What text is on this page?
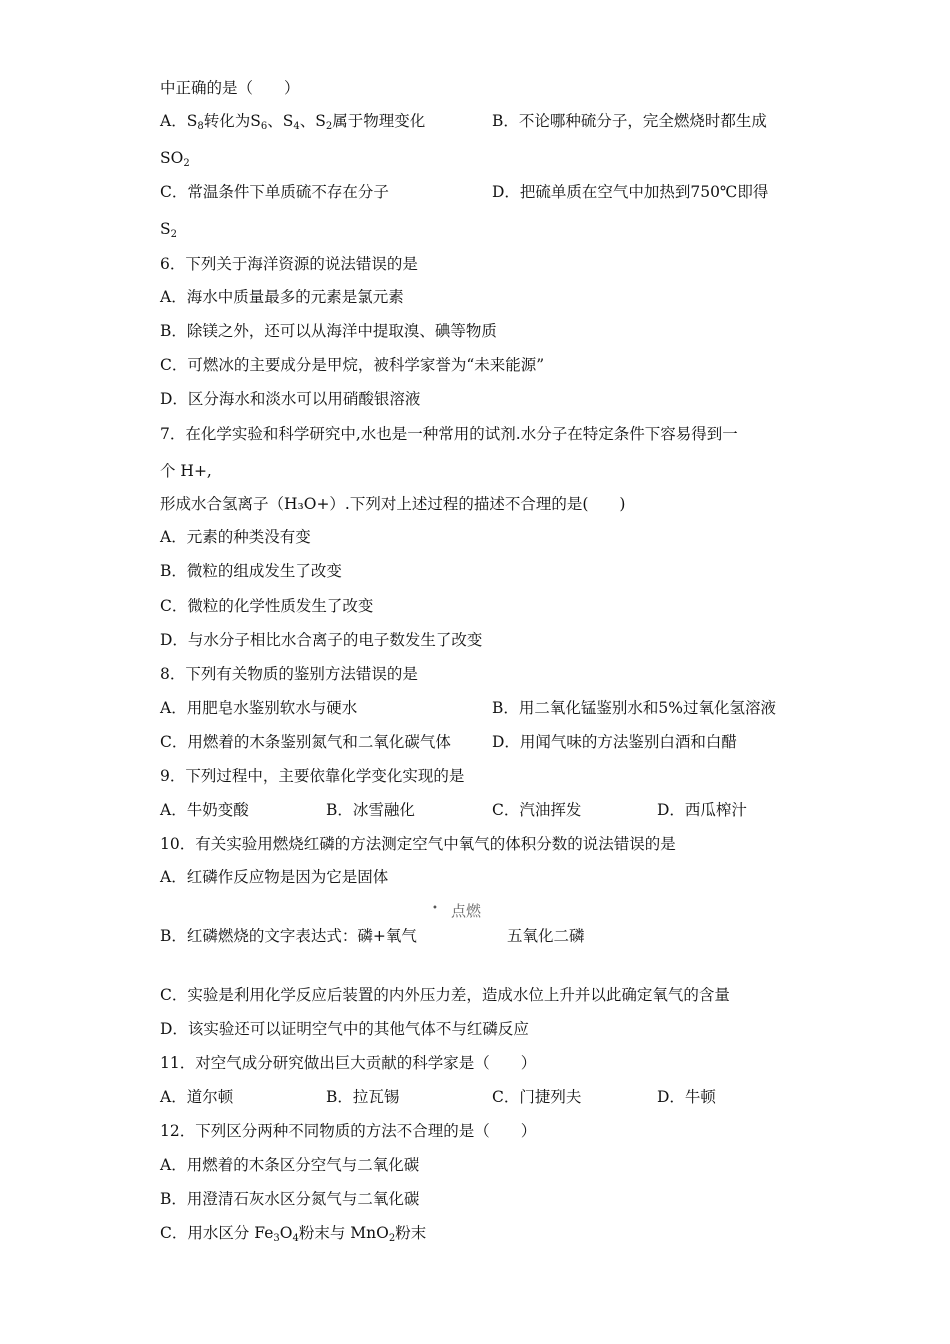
中正确的是（　　）
A．$S_8$转化为$S_6$、$S_4$、$S_2$属于物理变化	B．不论哪种硫分子，完全燃烧时都生成
$SO_2$
C．常温条件下单质硫不存在分子	D．把硫单质在空气中加热到750℃即得
$S_2$
6．下列关于海洋资源的说法错误的是
A．海水中质量最多的元素是氯元素
B．除镁之外，还可以从海洋中提取溴、碘等物质
C．可燃冰的主要成分是甲烷，被科学家誉为“未来能源”
D．区分海水和淡水可以用硝酸银溶液
7．在化学实验和科学研究中,水也是一种常用的试剂.水分子在特定条件下容易得到一
个 H+,
形成水合氢离子（H₃O+）.下列对上述过程的描述不合理的是(　　)
A．元素的种类没有变
B．微粒的组成发生了改变
C．微粒的化学性质发生了改变
D．与水分子相比水合离子的电子数发生了改变
8．下列有关物质的鉴别方法错误的是
A．用肥皂水鉴别软水与硬水	B．用二氧化锰鉴别水和5%过氧化氢溶液
C．用燃着的木条鉴别氮气和二氧化碳气体	D．用闻气味的方法鉴别白酒和白醋
9．下列过程中，主要依靠化学变化实现的是
A．牛奶变酸	B．冰雪融化	C．汽油挥发	D．西瓜榨汁
10．有关实验用燃烧红磷的方法测定空气中氧气的体积分数的说法错误的是
A．红磷作反应物是因为它是固体
• 点燃
B．红磷燃烧的文字表达式：磷+氧气	五氧化二磷
C．实验是利用化学反应后装置的内外压力差，造成水位上升并以此确定氧气的含量
D．该实验还可以证明空气中的其他气体不与红磷反应
11．对空气成分研究做出巨大贡献的科学家是（　　）
A．道尔顿	B．拉瓦锡	C．门捷列夫	D．牛顿
12．下列区分两种不同物质的方法不合理的是（　　）
A．用燃着的木条区分空气与二氧化碳
B．用澄清石灰水区分氮气与二氧化碳
C．用水区分 $Fe_3O_4$粉末与 MnO$_2$粉末
